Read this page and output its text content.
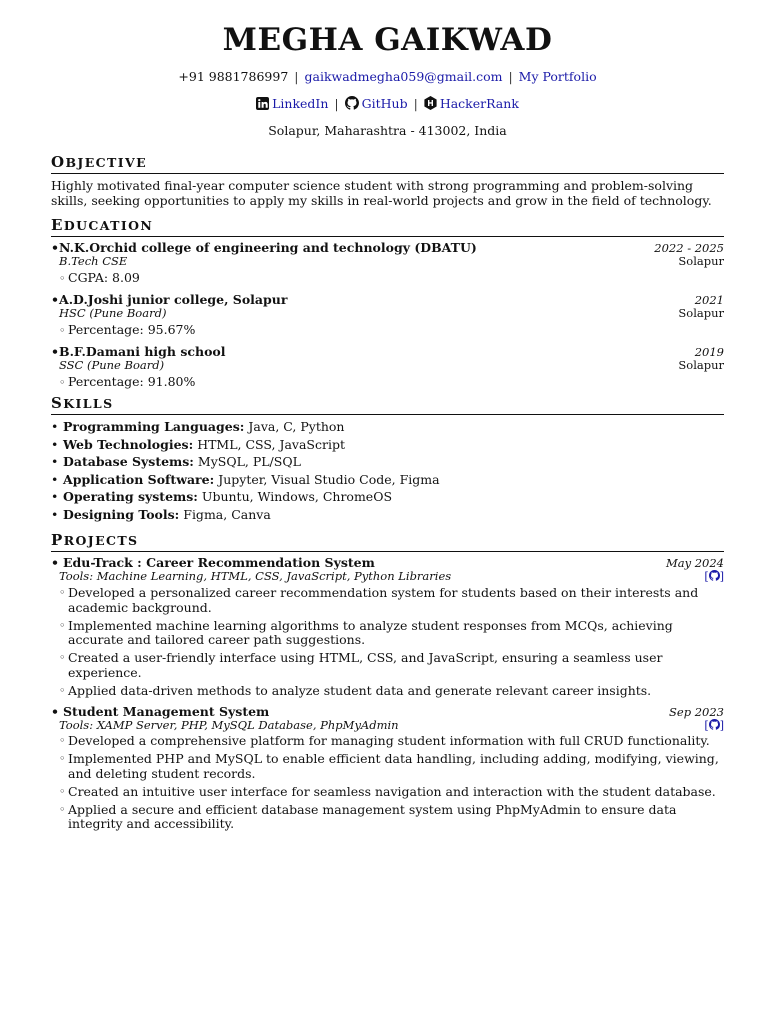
MEGHA GAIKWAD
+91 9881786997 | gaikwadmegha059@gmail.com | My Portfolio
LinkedIn | GitHub | HackerRank
Solapur, Maharashtra - 413002, India
OBJECTIVE
Highly motivated final-year computer science student with strong programming and problem-solving skills, seeking opportunities to apply my skills in real-world projects and grow in the field of technology.
EDUCATION
•N.K.Orchid college of engineering and technology (DBATU)	2022 - 2025
B.Tech CSE	Solapur
◦ CGPA: 8.09
•A.D.Joshi junior college, Solapur	2021
HSC (Pune Board)	Solapur
◦ Percentage: 95.67%
•B.F.Damani high school	2019
SSC (Pune Board)	Solapur
◦ Percentage: 91.80%
SKILLS
• Programming Languages: Java, C, Python
• Web Technologies: HTML, CSS, JavaScript
• Database Systems: MySQL, PL/SQL
• Application Software: Jupyter, Visual Studio Code, Figma
• Operating systems: Ubuntu, Windows, ChromeOS
• Designing Tools: Figma, Canva
PROJECTS
• Edu-Track : Career Recommendation System	May 2024
Tools: Machine Learning, HTML, CSS, JavaScript, Python Libraries	[ ]
◦ Developed a personalized career recommendation system for students based on their interests and academic background.
◦ Implemented machine learning algorithms to analyze student responses from MCQs, achieving accurate and tailored career path suggestions.
◦ Created a user-friendly interface using HTML, CSS, and JavaScript, ensuring a seamless user experience.
◦ Applied data-driven methods to analyze student data and generate relevant career insights.
• Student Management System	Sep 2023
Tools: XAMP Server, PHP, MySQL Database, PhpMyAdmin	[ ]
◦ Developed a comprehensive platform for managing student information with full CRUD functionality.
◦ Implemented PHP and MySQL to enable efficient data handling, including adding, modifying, viewing, and deleting student records.
◦ Created an intuitive user interface for seamless navigation and interaction with the student database.
◦ Applied a secure and efficient database management system using PhpMyAdmin to ensure data integrity and accessibility.
